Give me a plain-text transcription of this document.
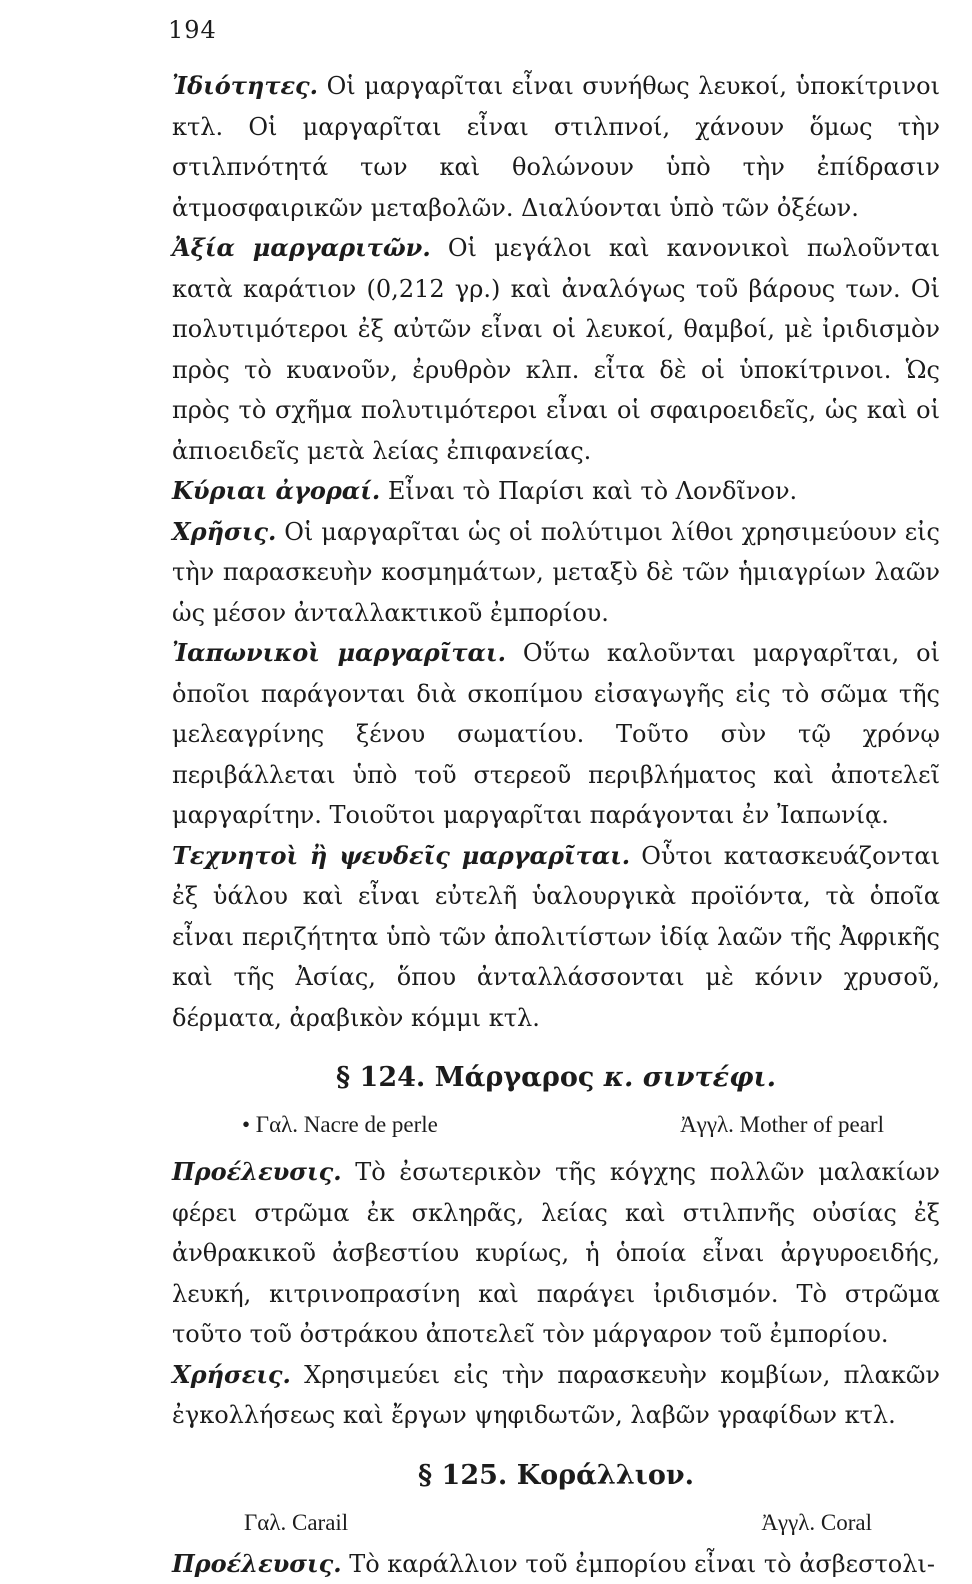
194

Ἰδιότητες. Οἱ μαργαρῖται εἶναι συνήθως λευκοί, ὑποκίτρινοι κτλ. Οἱ μαργαρῖται εἶναι στιλπνοί, χάνουν ὅμως τὴν στιλπνότητά των καὶ θολώνουν ὑπὸ τὴν ἐπίδρασιν ἀτμοσφαιρικῶν μεταβολῶν. Διαλύονται ὑπὸ τῶν ὀξέων.

Ἀξία μαργαριτῶν. Οἱ μεγάλοι καὶ κανονικοὶ πωλοῦνται κατὰ καράτιον (0,212 γρ.) καὶ ἀναλόγως τοῦ βάρους των. Οἱ πολυτιμότεροι ἐξ αὐτῶν εἶναι οἱ λευκοί, θαμβοί, μὲ ἰριδισμὸν πρὸς τὸ κυανοῦν, ἐρυθρὸν κλπ. εἶτα δὲ οἱ ὑποκίτρινοι. Ὡς πρὸς τὸ σχῆμα πολυτιμότεροι εἶναι οἱ σφαιροειδεῖς, ὡς καὶ οἱ ἀπιοειδεῖς μετὰ λείας ἐπιφανείας.

Κύριαι ἀγοραί. Εἶναι τὸ Παρίσι καὶ τὸ Λονδῖνον.

Χρῆσις. Οἱ μαργαρῖται ὡς οἱ πολύτιμοι λίθοι χρησιμεύουν εἰς τὴν παρασκευὴν κοσμημάτων, μεταξὺ δὲ τῶν ἡμιαγρίων λαῶν ὡς μέσον ἀνταλλακτικοῦ ἐμπορίου.

Ἰαπωνικοὶ μαργαρῖται. Οὕτω καλοῦνται μαργαρῖται, οἱ ὁποῖοι παράγονται διὰ σκοπίμου εἰσαγωγῆς εἰς τὸ σῶμα τῆς μελεαγρίνης ξένου σωματίου. Τοῦτο σὺν τῷ χρόνῳ περιβάλλεται ὑπὸ τοῦ στερεοῦ περιβλήματος καὶ ἀποτελεῖ μαργαρίτην. Τοιοῦτοι μαργαρῖται παράγονται ἐν Ἰαπωνίᾳ.

Τεχνητοὶ ἢ ψευδεῖς μαργαρῖται. Οὗτοι κατασκευάζονται ἐξ ὑάλου καὶ εἶναι εὐτελῆ ὑαλουργικὰ προϊόντα, τὰ ὁποῖα εἶναι περιζήτητα ὑπὸ τῶν ἀπολιτίστων ἰδίᾳ λαῶν τῆς Ἀφρικῆς καὶ τῆς Ἀσίας, ὅπου ἀνταλλάσσονται μὲ κόνιν χρυσοῦ, δέρματα, ἀραβικὸν κόμμι κτλ.

§ 124. Μάργαρος κ. σιντέφι.
• Γαλ. Nacre de perle	Ἀγγλ. Mother of pearl

Προέλευσις. Τὸ ἐσωτερικὸν τῆς κόγχης πολλῶν μαλακίων φέρει στρῶμα ἐκ σκληρᾶς, λείας καὶ στιλπνῆς οὐσίας ἐξ ἀνθρακικοῦ ἀσβεστίου κυρίως, ἡ ὁποία εἶναι ἀργυροειδής, λευκή, κιτρινοπρασίνη καὶ παράγει ἰριδισμόν. Τὸ στρῶμα τοῦτο τοῦ ὀστράκου ἀποτελεῖ τὸν μάργαρον τοῦ ἐμπορίου.

Χρήσεις. Χρησιμεύει εἰς τὴν παρασκευὴν κομβίων, πλακῶν ἐγκολλήσεως καὶ ἔργων ψηφιδωτῶν, λαβῶν γραφίδων κτλ.

§ 125. Κοράλλιον.
Γαλ. Carail	Ἀγγλ. Coral

Προέλευσις. Τὸ καράλλιον τοῦ ἐμπορίου εἶναι τὸ ἀσβεστολι-
